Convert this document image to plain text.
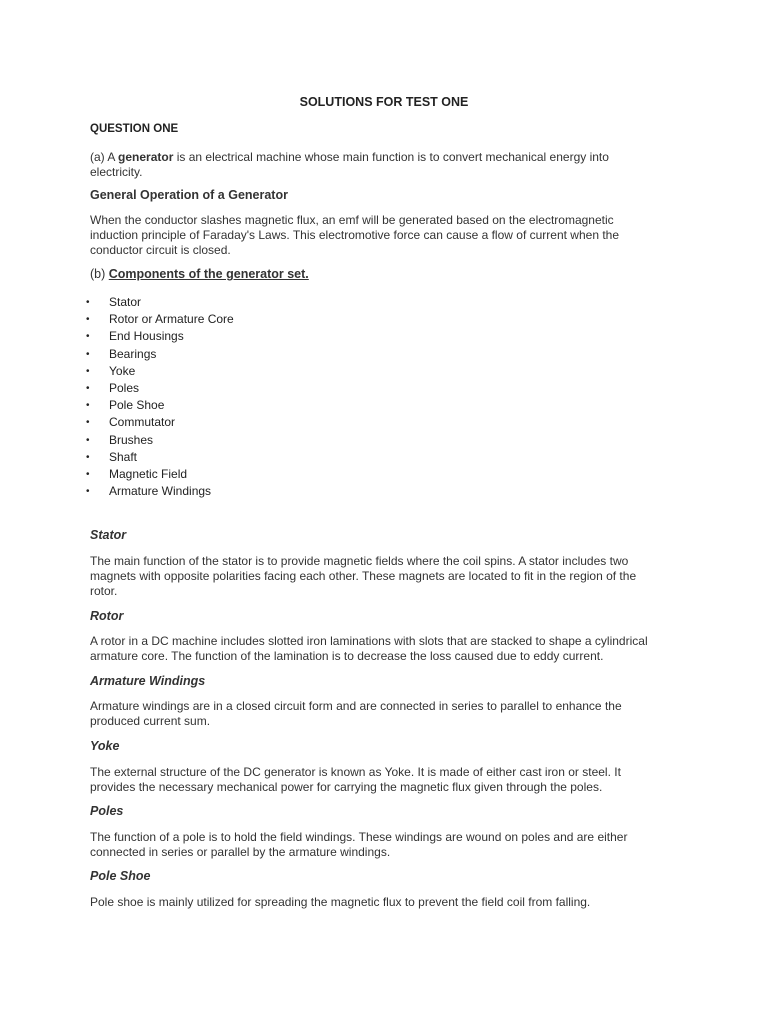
SOLUTIONS FOR TEST ONE
QUESTION ONE
(a) A generator is an electrical machine whose main function is to convert mechanical energy into electricity.
General Operation of a Generator
When the conductor slashes magnetic flux, an emf will be generated based on the electromagnetic induction principle of Faraday's Laws. This electromotive force can cause a flow of current when the conductor circuit is closed.
(b) Components of the generator set.
• Stator
• Rotor or Armature Core
• End Housings
• Bearings
• Yoke
• Poles
• Pole Shoe
• Commutator
• Brushes
• Shaft
• Magnetic Field
• Armature Windings
Stator
The main function of the stator is to provide magnetic fields where the coil spins. A stator includes two magnets with opposite polarities facing each other. These magnets are located to fit in the region of the rotor.
Rotor
A rotor in a DC machine includes slotted iron laminations with slots that are stacked to shape a cylindrical armature core. The function of the lamination is to decrease the loss caused due to eddy current.
Armature Windings
Armature windings are in a closed circuit form and are connected in series to parallel to enhance the produced current sum.
Yoke
The external structure of the DC generator is known as Yoke. It is made of either cast iron or steel. It provides the necessary mechanical power for carrying the magnetic flux given through the poles.
Poles
The function of a pole is to hold the field windings. These windings are wound on poles and are either connected in series or parallel by the armature windings.
Pole Shoe
Pole shoe is mainly utilized for spreading the magnetic flux to prevent the field coil from falling.
